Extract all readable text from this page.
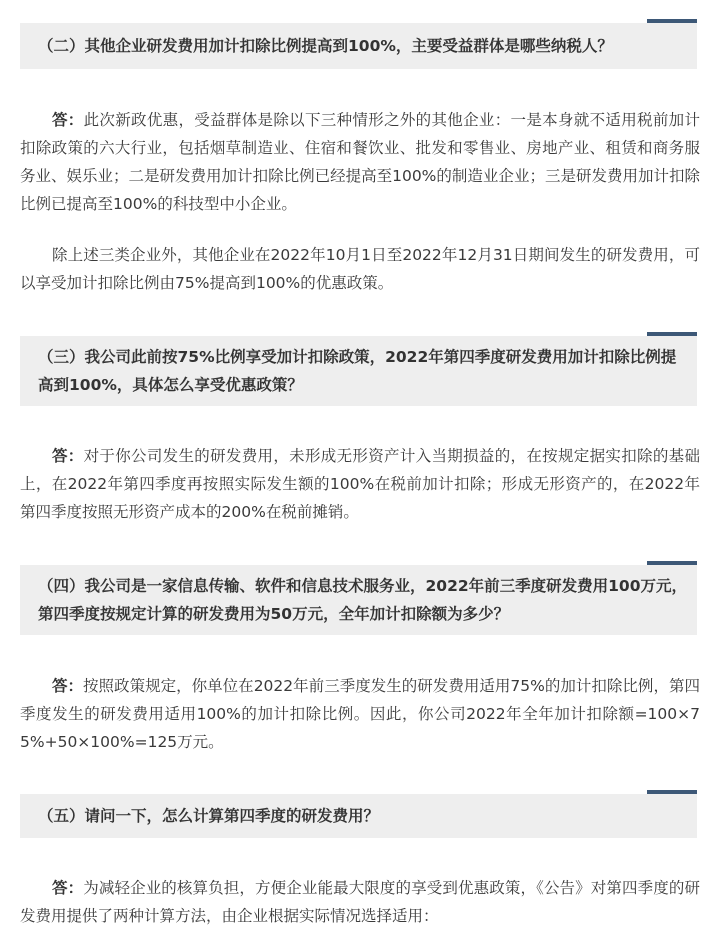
（二）其他企业研发费用加计扣除比例提高到100%，主要受益群体是哪些纳税人？
答：此次新政优惠，受益群体是除以下三种情形之外的其他企业：一是本身就不适用税前加计扣除政策的六大行业，包括烟草制造业、住宿和餐饮业、批发和零售业、房地产业、租赁和商务服务业、娱乐业；二是研发费用加计扣除比例已经提高至100%的制造业企业；三是研发费用加计扣除比例已提高至100%的科技型中小企业。
除上述三类企业外，其他企业在2022年10月1日至2022年12月31日期间发生的研发费用，可以享受加计扣除比例由75%提高到100%的优惠政策。
（三）我公司此前按75%比例享受加计扣除政策，2022年第四季度研发费用加计扣除比例提高到100%，具体怎么享受优惠政策？
答：对于你公司发生的研发费用，未形成无形资产计入当期损益的，在按规定据实扣除的基础上，在2022年第四季度再按照实际发生额的100%在税前加计扣除；形成无形资产的，在2022年第四季度按照无形资产成本的200%在税前摊销。
（四）我公司是一家信息传输、软件和信息技术服务业，2022年前三季度研发费用100万元，第四季度按规定计算的研发费用为50万元，全年加计扣除额为多少？
答：按照政策规定，你单位在2022年前三季度发生的研发费用适用75%的加计扣除比例，第四季度发生的研发费用适用100%的加计扣除比例。因此，你公司2022年全年加计扣除额=100×75%+50×100%=125万元。
（五）请问一下，怎么计算第四季度的研发费用？
答：为减轻企业的核算负担，方便企业能最大限度的享受到优惠政策，《公告》对第四季度的研发费用提供了两种计算方法，由企业根据实际情况选择适用：
